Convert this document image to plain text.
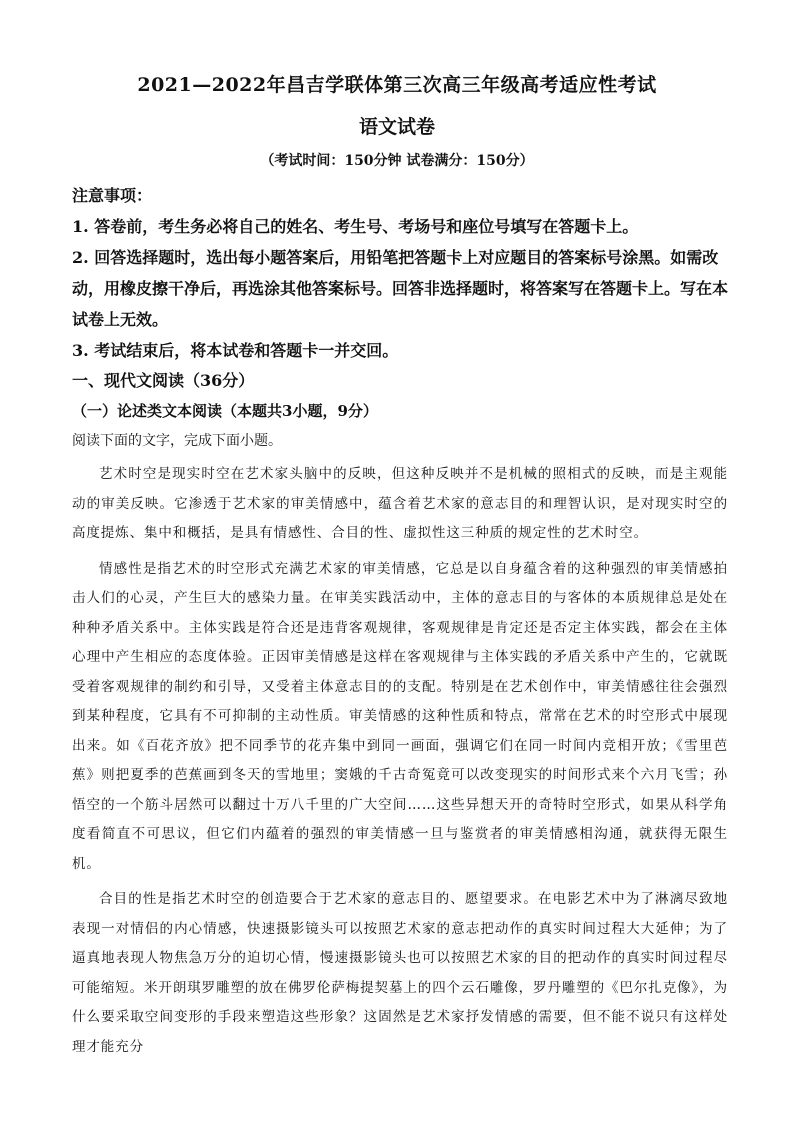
2021—2022年昌吉学联体第三次高三年级高考适应性考试
语文试卷
（考试时间：150分钟 试卷满分：150分）

注意事项：

1. 答卷前，考生务必将自己的姓名、考生号、考场号和座位号填写在答题卡上。

2. 回答选择题时，选出每小题答案后，用铅笔把答题卡上对应题目的答案标号涂黑。如需改动，用橡皮擦干净后，再选涂其他答案标号。回答非选择题时，将答案写在答题卡上。写在本试卷上无效。

3. 考试结束后，将本试卷和答题卡一并交回。

一、现代文阅读（36分）
（一）论述类文本阅读（本题共3小题，9分）
阅读下面的文字，完成下面小题。

艺术时空是现实时空在艺术家头脑中的反映，但这种反映并不是机械的照相式的反映，而是主观能动的审美反映。它渗透于艺术家的审美情感中，蕴含着艺术家的意志目的和理智认识，是对现实时空的高度提炼、集中和概括，是具有情感性、合目的性、虚拟性这三种质的规定性的艺术时空。

情感性是指艺术的时空形式充满艺术家的审美情感，它总是以自身蕴含着的这种强烈的审美情感拍击人们的心灵，产生巨大的感染力量。在审美实践活动中，主体的意志目的与客体的本质规律总是处在种种矛盾关系中。主体实践是符合还是违背客观规律，客观规律是肯定还是否定主体实践，都会在主体心理中产生相应的态度体验。正因审美情感是这样在客观规律与主体实践的矛盾关系中产生的，它就既受着客观规律的制约和引导，又受着主体意志目的的支配。特别是在艺术创作中，审美情感往往会强烈到某种程度，它具有不可抑制的主动性质。审美情感的这种性质和特点，常常在艺术的时空形式中展现出来。如《百花齐放》把不同季节的花卉集中到同一画面，强调它们在同一时间内竞相开放；《雪里芭蕉》则把夏季的芭蕉画到冬天的雪地里；窦娥的千古奇冤竟可以改变现实的时间形式来个六月飞雪；孙悟空的一个筋斗居然可以翻过十万八千里的广大空间……这些异想天开的奇特时空形式，如果从科学角度看简直不可思议，但它们内蕴着的强烈的审美情感一旦与鉴赏者的审美情感相沟通，就获得无限生机。

合目的性是指艺术时空的创造要合于艺术家的意志目的、愿望要求。在电影艺术中为了淋漓尽致地表现一对情侣的内心情感，快速摄影镜头可以按照艺术家的意志把动作的真实时间过程大大延伸；为了逼真地表现人物焦急万分的迫切心情，慢速摄影镜头也可以按照艺术家的目的把动作的真实时间过程尽可能缩短。米开朗琪罗雕塑的放在佛罗伦萨梅提契墓上的四个云石雕像，罗丹雕塑的《巴尔扎克像》，为什么要采取空间变形的手段来塑造这些形象？这固然是艺术家抒发情感的需要，但不能不说只有这样处理才能充分
